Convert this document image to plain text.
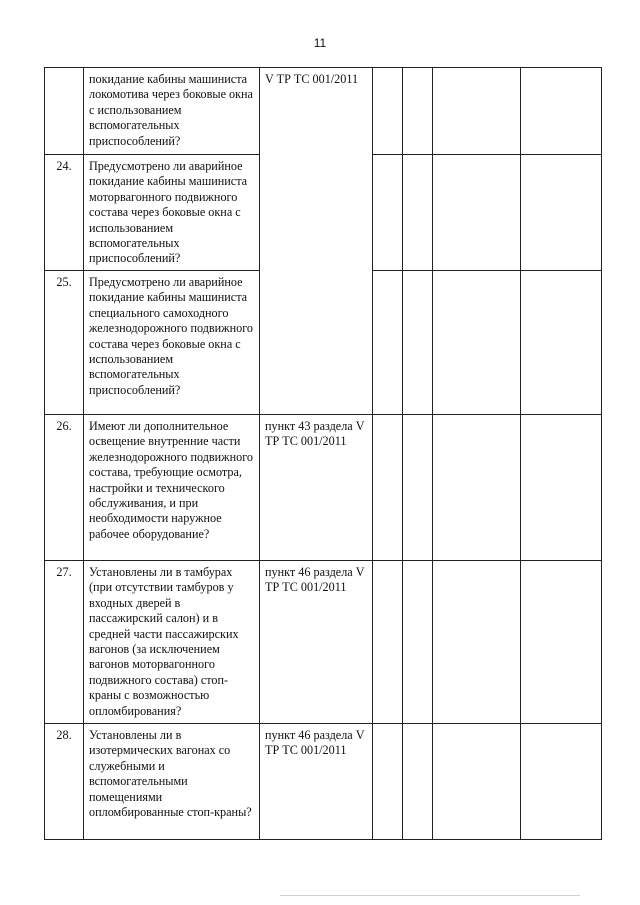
11
	покидание кабины машиниста локомотива через боковые окна с использованием вспомогательных приспособлений?	V ТР ТС 001/2011				
24.	Предусмотрено ли аварийное покидание кабины машиниста моторвагонного подвижного состава через боковые окна с использованием вспомогательных приспособлений?					
25.	Предусмотрено ли аварийное покидание кабины машиниста специального самоходного железнодорожного подвижного состава через боковые окна с использованием вспомогательных приспособлений?					
26.	Имеют ли дополнительное освещение внутренние части железнодорожного подвижного состава, требующие осмотра, настройки и технического обслуживания, и при необходимости наружное рабочее оборудование?	пункт 43 раздела V ТР ТС 001/2011				
27.	Установлены ли в тамбурах (при отсутствии тамбуров у входных дверей в пассажирский салон) и в средней части пассажирских вагонов (за исключением вагонов моторвагонного подвижного состава) стоп-краны с возможностью опломбирования?	пункт 46 раздела V ТР ТС 001/2011				
28.	Установлены ли в изотермических вагонах со служебными и вспомогательными помещениями опломбированные стоп-краны?	пункт 46 раздела V ТР ТС 001/2011				
